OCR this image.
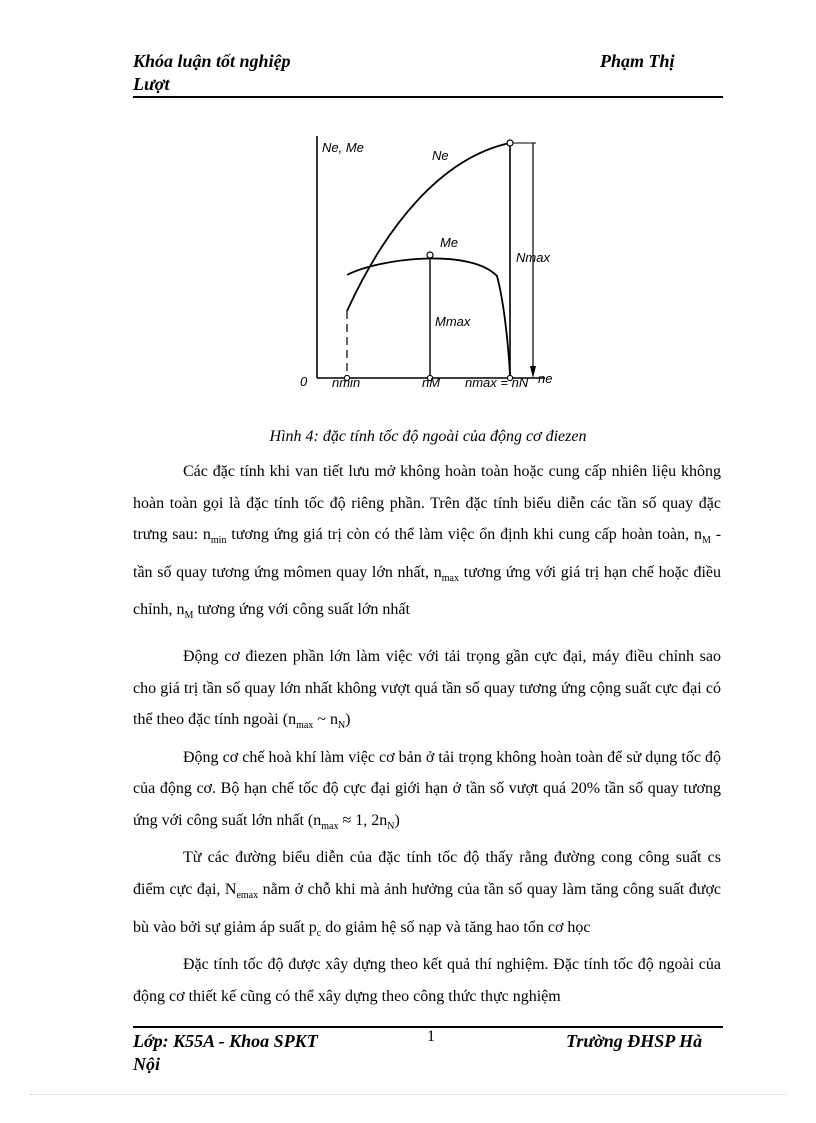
Khóa luận tốt nghiệp
Lượt
Phạm Thị
Ne, Me
Ne
Me
Nmax
Mmax
0 nmin	nM nmax = nN ne
Hình 4: đặc tính tốc độ ngoài của động cơ điezen

Các đặc tính khi van tiết lưu mở không hoàn toàn hoặc cung cấp nhiên liệu không hoàn toàn gọi là đặc tính tốc độ riêng phần. Trên đặc tính biểu diễn các tần số quay đặc trưng sau: $n_{min}$ tương ứng giá trị còn có thể làm việc ổn định khi cung cấp hoàn toàn, $n_M$ - tần số quay tương ứng mômen quay lớn nhất, $n_{max}$ tương ứng với giá trị hạn chế hoặc điều chỉnh, $n_M$ tương ứng với công suất lớn nhất

Động cơ điezen phần lớn làm việc với tải trọng gần cực đại, máy điều chỉnh sao cho giá trị tần số quay lớn nhất không vượt quá tần số quay tương ứng cộng suất cực đại có thể theo đặc tính ngoài ($n_{max}$ ~ $n_N$)

Động cơ chế hoà khí làm việc cơ bản ở tải trọng không hoàn toàn để sử dụng tốc độ của động cơ. Bộ hạn chế tốc độ cực đại giới hạn ở tần số vượt quá 20% tần số quay tương ứng với công suất lớn nhất ($n_{max} \approx 1$, $2n_N$)

Từ các đường biểu diễn của đặc tính tốc độ thấy rằng đường cong công suất cs điểm cực đại, $N_{emax}$ nằm ở chỗ khi mà ảnh hưởng của tần số quay làm tăng công suất được bù vào bởi sự giảm áp suất $p_c$ do giảm hệ số nạp và tăng hao tổn cơ học

Đặc tính tốc độ được xây dựng theo kết quả thí nghiệm. Đặc tính tốc độ ngoài của động cơ thiết kế cũng có thể xây dựng theo công thức thực nghiệm

Lớp: K55A - Khoa SPKT
Nội
1	Trường ĐHSP Hà
